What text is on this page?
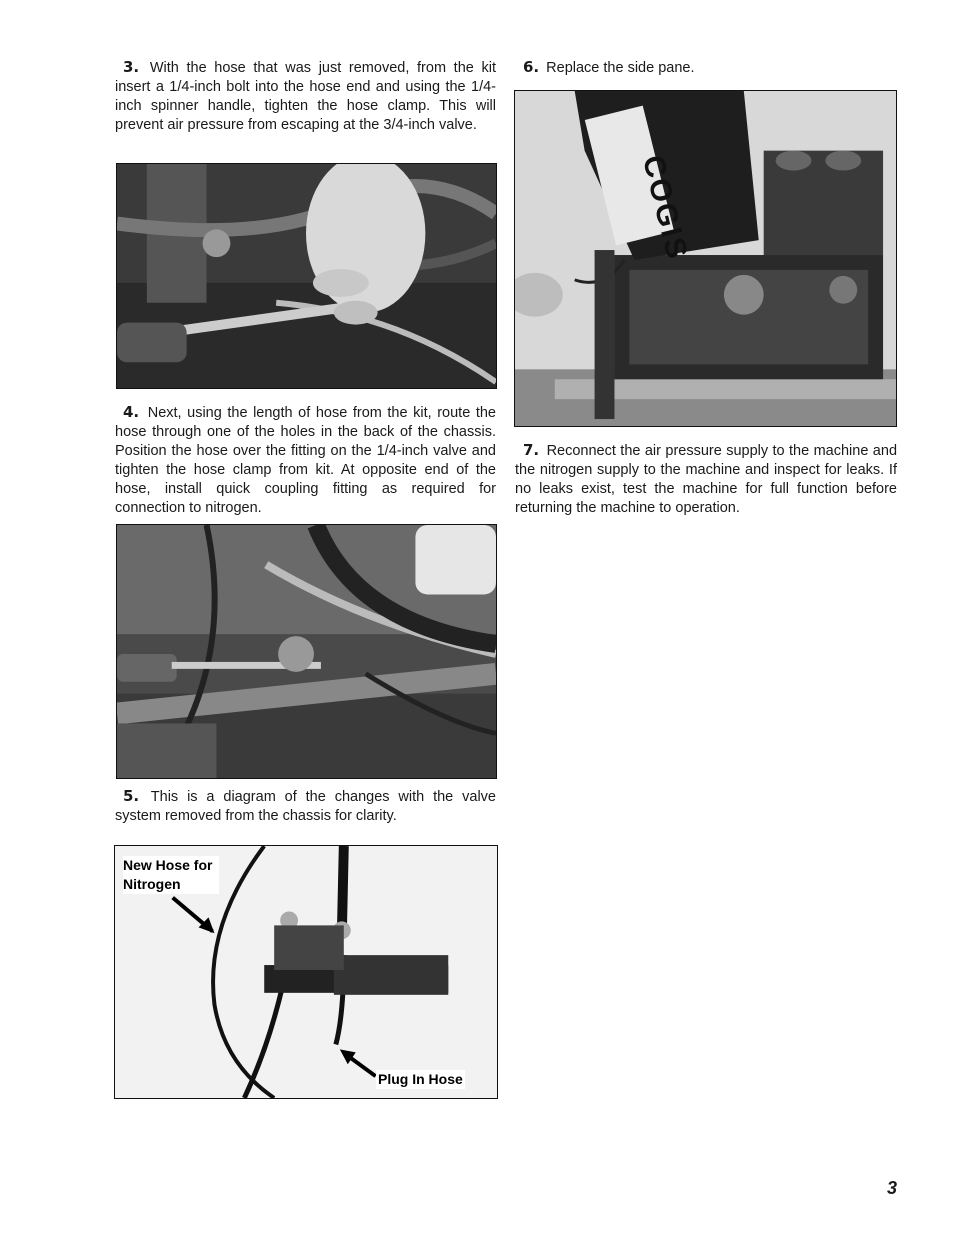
3. With the hose that was just removed, from the kit insert a 1/4-inch bolt into the hose end and using the 1/4-inch spinner handle, tighten the hose clamp. This will prevent air pressure from escaping at the 3/4-inch valve.

4. Next, using the length of hose from the kit, route the hose through one of the holes in the back of the chassis. Position the hose over the fitting on the 1/4-inch valve and tighten the hose clamp from kit. At opposite end of the hose, install quick coupling fitting as required for connection to nitrogen.

5. This is a diagram of the changes with the valve system removed from the chassis for clarity.

New Hose for Nitrogen
Plug In Hose

6. Replace the side pane.

COGIS

7. Reconnect the air pressure supply to the machine and the nitrogen supply to the machine and inspect for leaks. If no leaks exist, test the machine for full function before returning the machine to operation.

3
